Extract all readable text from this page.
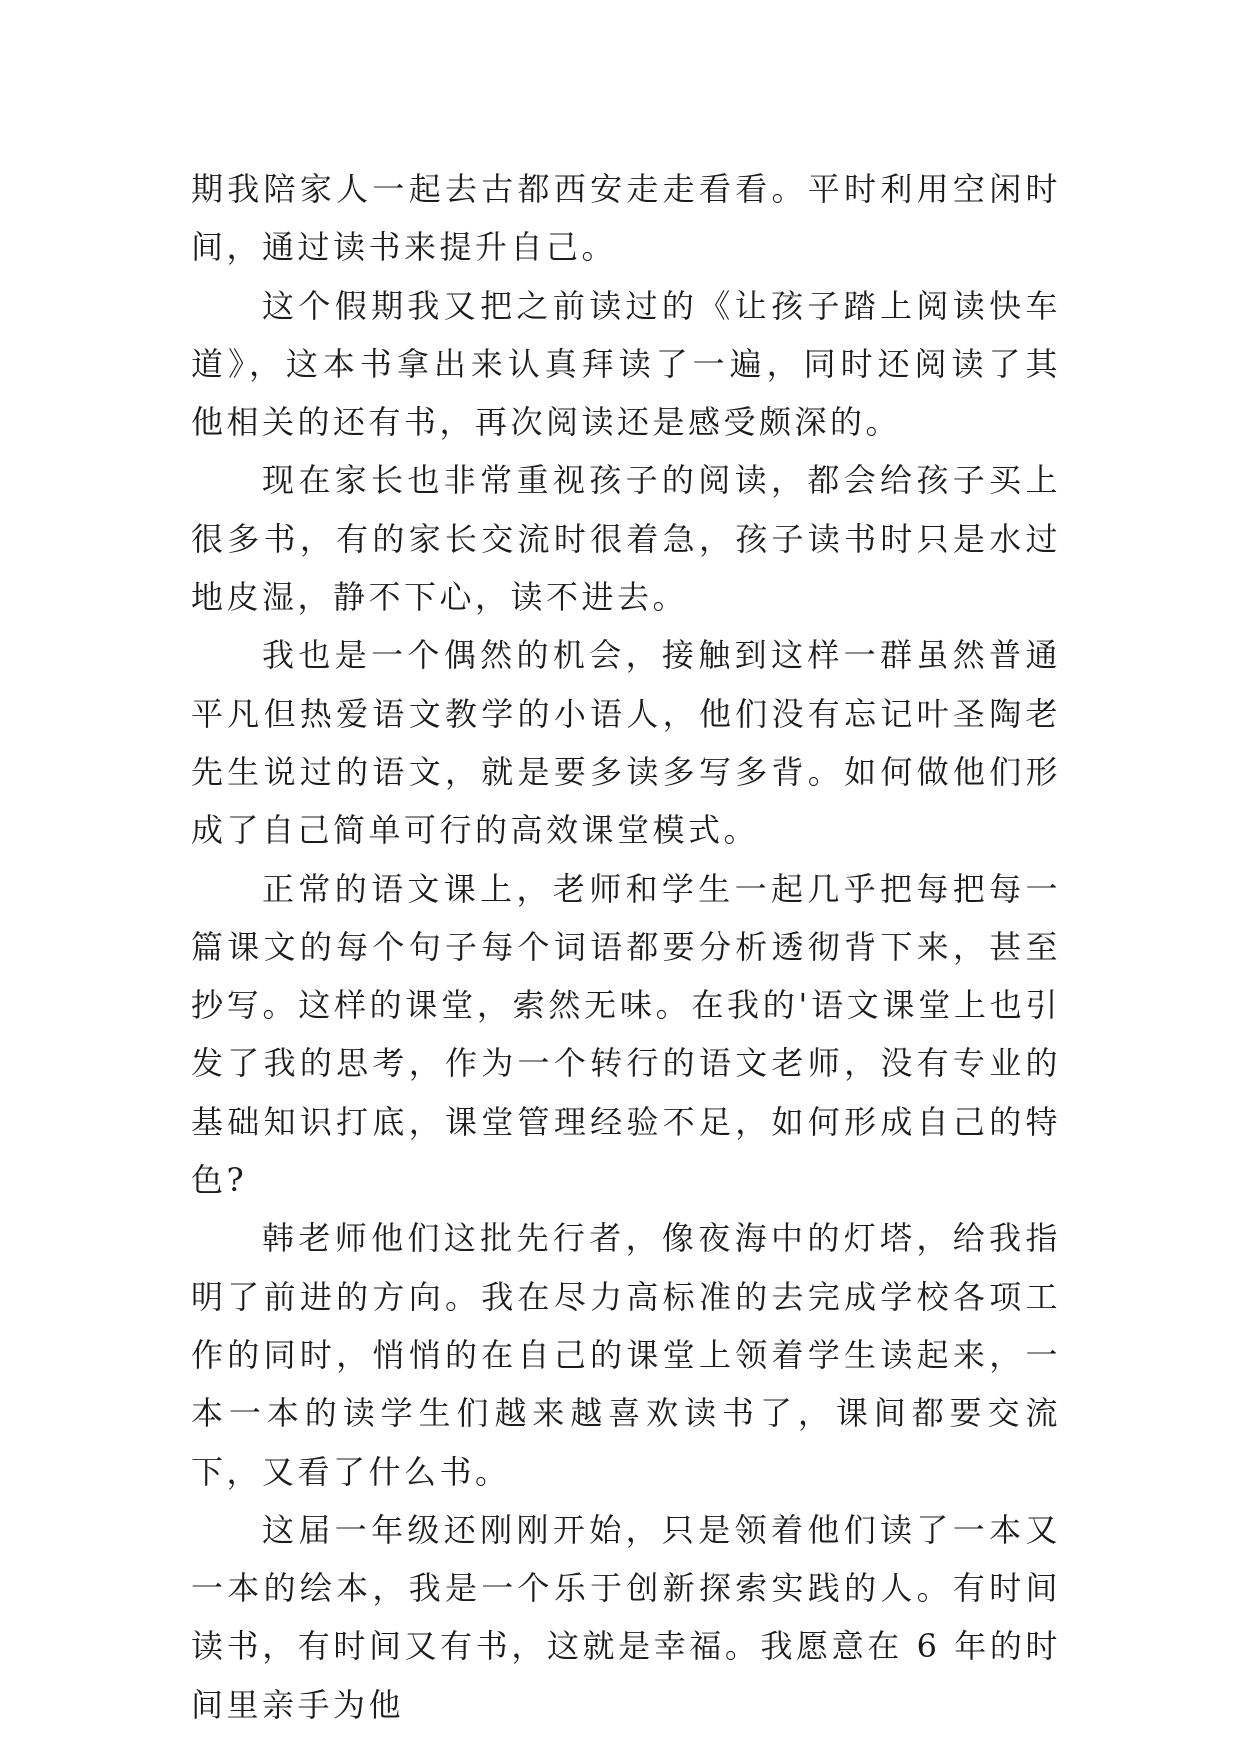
期我陪家人一起去古都西安走走看看。平时利用空闲时间，通过读书来提升自己。

这个假期我又把之前读过的《让孩子踏上阅读快车道》，这本书拿出来认真拜读了一遍，同时还阅读了其他相关的还有书，再次阅读还是感受颇深的。

现在家长也非常重视孩子的阅读，都会给孩子买上很多书，有的家长交流时很着急，孩子读书时只是水过地皮湿，静不下心，读不进去。

我也是一个偶然的机会，接触到这样一群虽然普通平凡但热爱语文教学的小语人，他们没有忘记叶圣陶老先生说过的语文，就是要多读多写多背。如何做他们形成了自己简单可行的高效课堂模式。

正常的语文课上，老师和学生一起几乎把每把每一篇课文的每个句子每个词语都要分析透彻背下来，甚至抄写。这样的课堂，索然无味。在我的'语文课堂上也引发了我的思考，作为一个转行的语文老师，没有专业的基础知识打底，课堂管理经验不足，如何形成自己的特色?

韩老师他们这批先行者，像夜海中的灯塔，给我指明了前进的方向。我在尽力高标准的去完成学校各项工作的同时，悄悄的在自己的课堂上领着学生读起来，一本一本的读学生们越来越喜欢读书了，课间都要交流下，又看了什么书。

这届一年级还刚刚开始，只是领着他们读了一本又一本的绘本，我是一个乐于创新探索实践的人。有时间读书，有时间又有书，这就是幸福。我愿意在 6 年的时间里亲手为他
